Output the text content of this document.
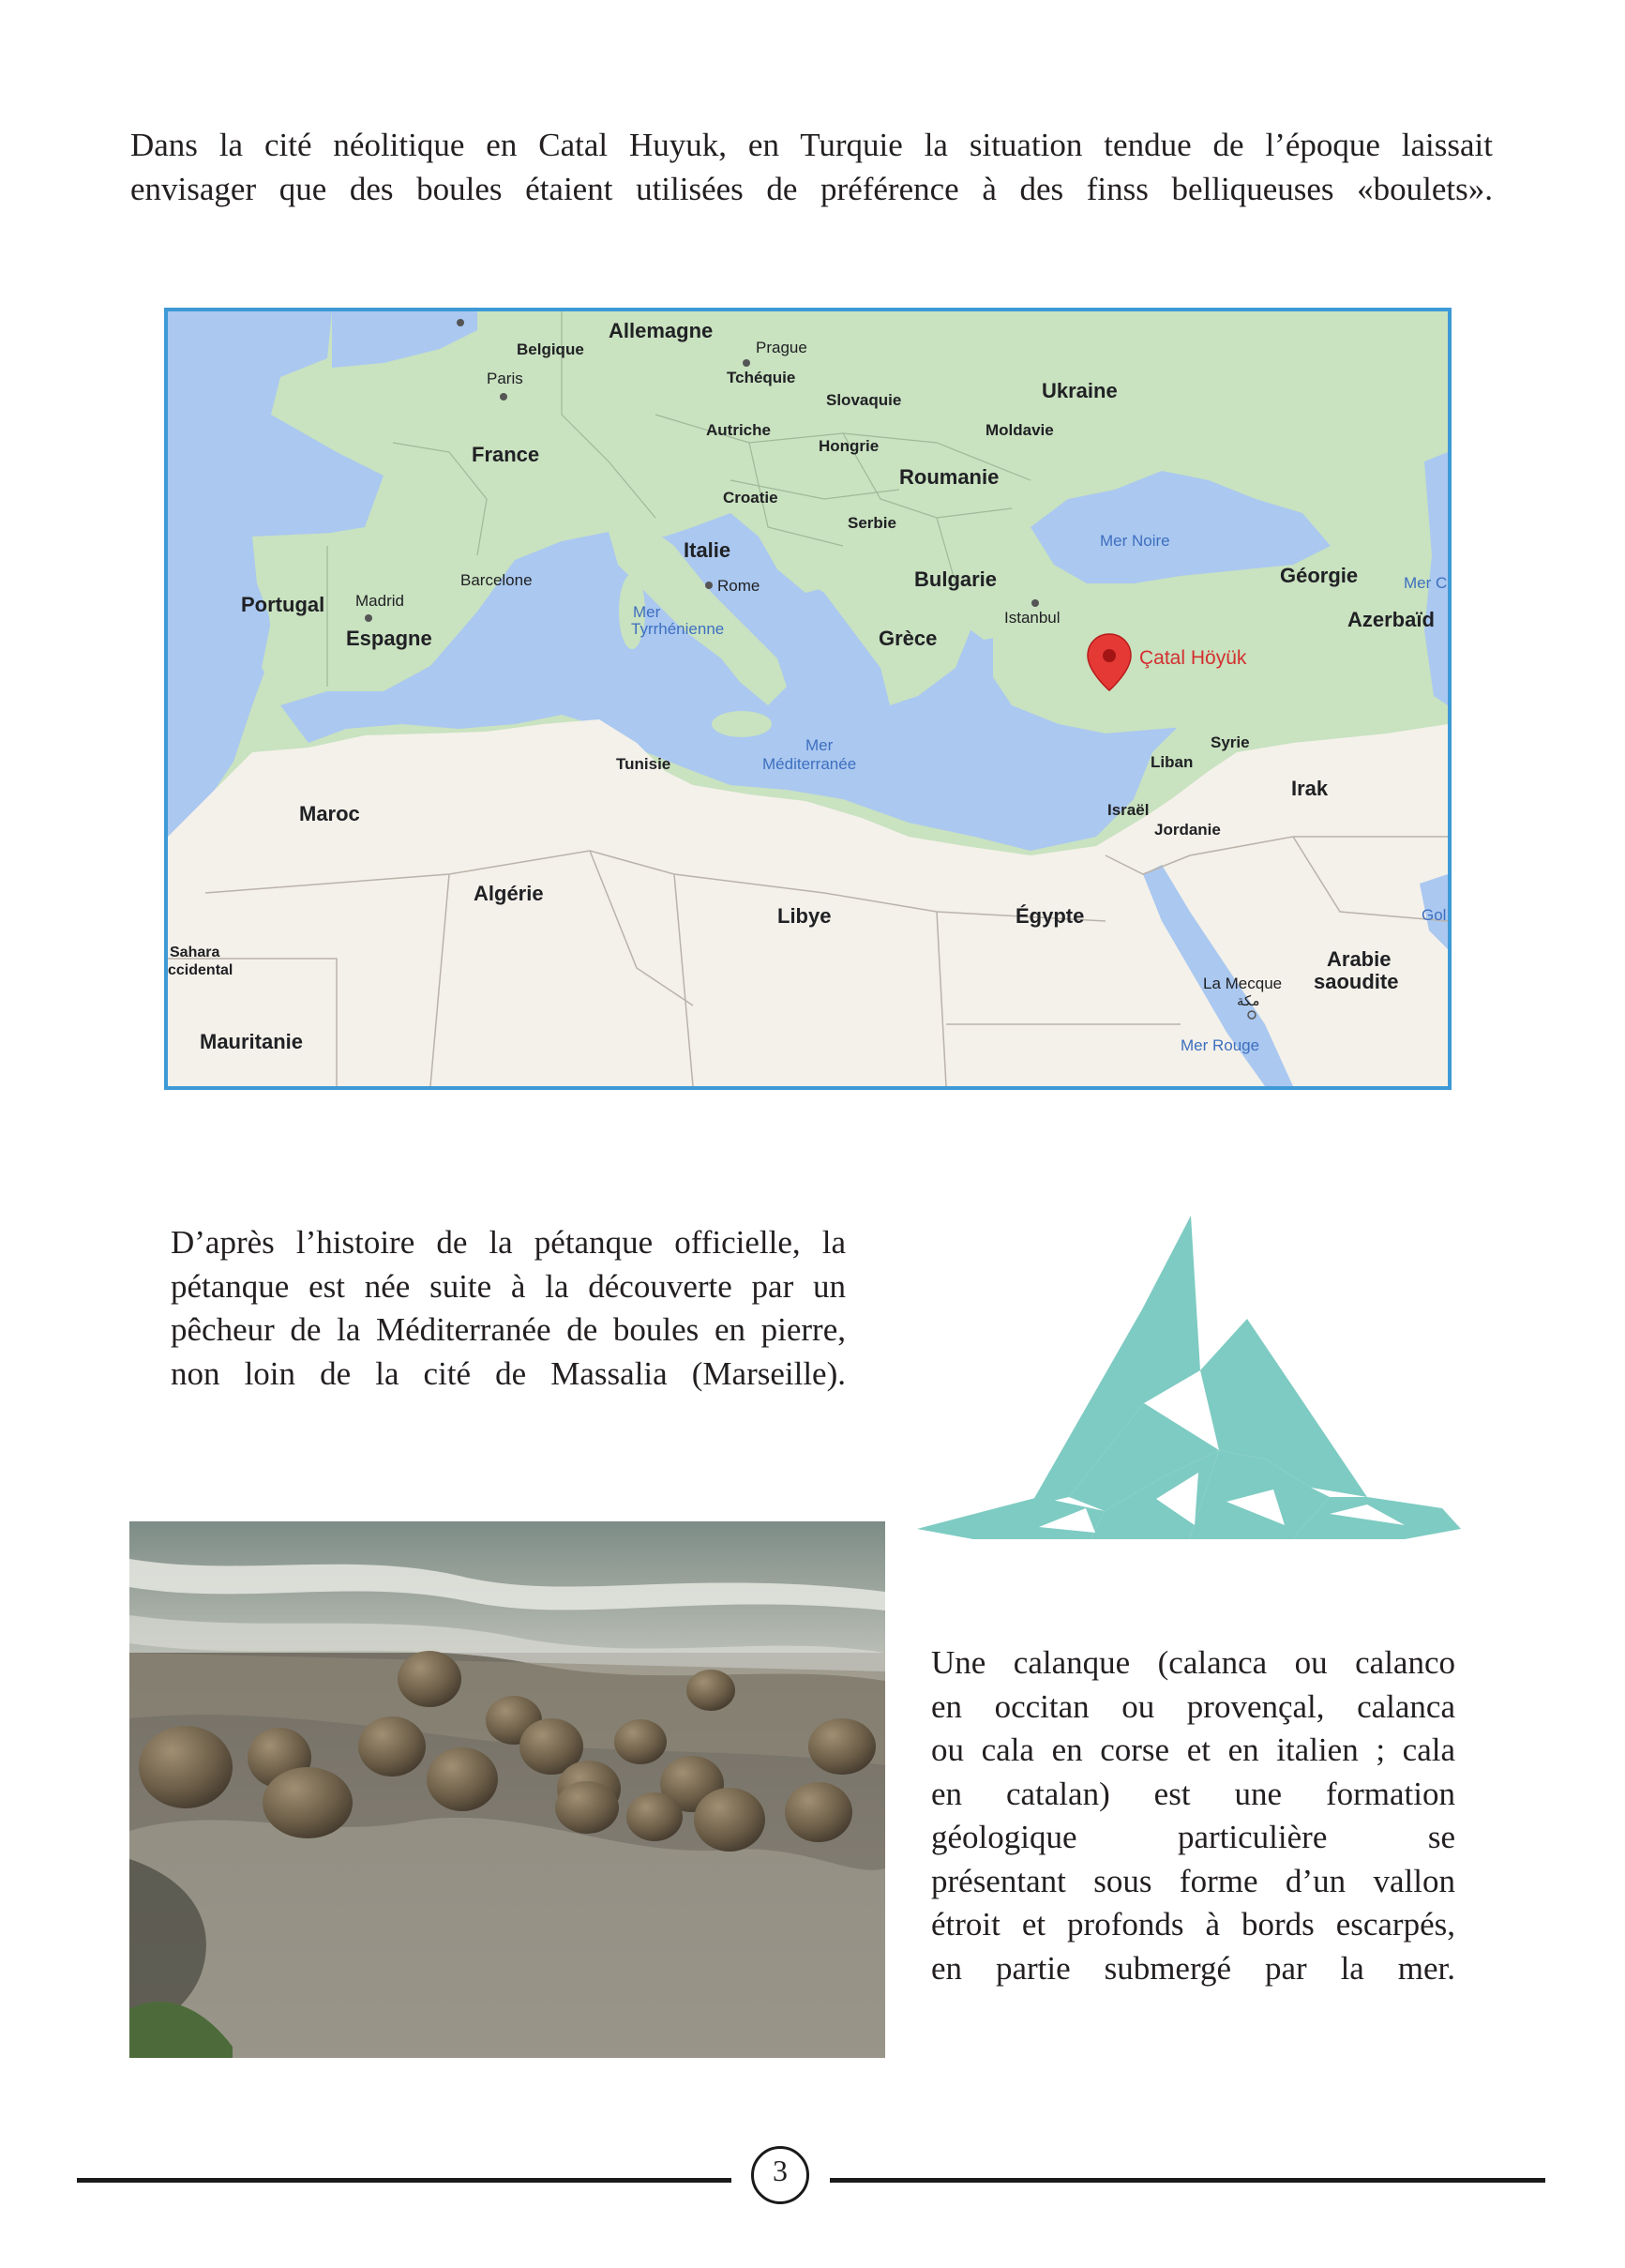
Dans la cité néolitique en Catal Huyuk, en Turquie la situation tendue de l’époque laissait
envisager que des boules étaient utilisées de préférence à des finss belliqueuses «boulets».

Allemagne
Belgique	Prague
Paris	Tchéquie
Slovaquie	Ukraine
Autriche	Moldavie
Hongrie
France
Roumanie
Croatie
Serbie
Italie	Mer Noire
Bulgarie	Géorgie	Mer C
Portugal Madrid
Barcelone	Rome
Istanbul
Espagne
Mer
Tyrrhénienne	Grèce
Azerbaïd
Tunisie
Mer
Méditerranée
Syrie
Liban
Irak
Maroc	Israël
Jordanie
Algérie
Libye	Égypte	Gol
Sahara
ccidental	Arabie
saoudite
La Mecque
مكة
Mauritanie	Mer Rouge
Çatal Höyük

D’après l’histoire de la pétanque officielle, la
pétanque est née suite à la découverte par un
pêcheur de la Méditerranée de boules en pierre,
non loin de la cité de Massalia (Marseille).

Une calanque (calanca ou calanco
en occitan ou provençal, calanca
ou cala en corse et en italien ; cala
en catalan) est une formation
géologique particulière se
présentant sous forme d’un vallon
étroit et profonds à bords escarpés,
en partie submergé par la mer.

3
